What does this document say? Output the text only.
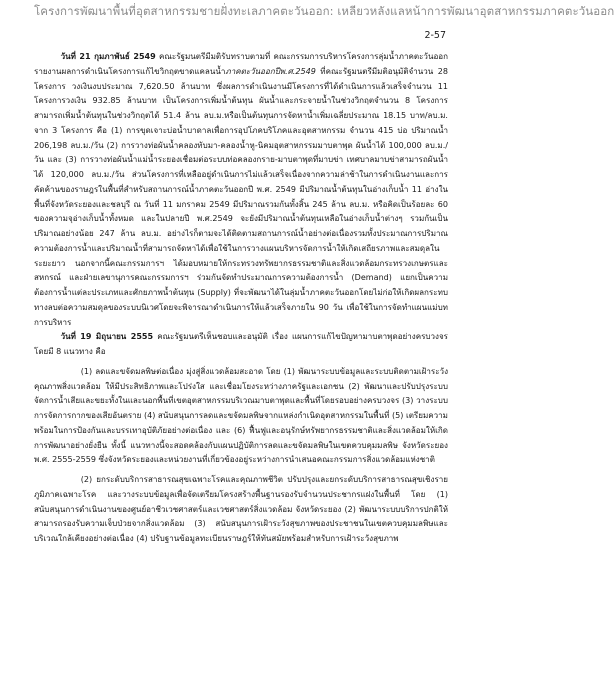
โครงการพัฒนาพื้นที่อุตสาหกรรมชายฝั่งทะเลภาคตะวันออก: เหลียวหลังแลหน้าการพัฒนาอุตสาหกรรมภาคตะวันออก
2-57

วันที่ 21 กุมภาพันธ์ 2549 คณะรัฐมนตรีมีมติรับทราบตามที่ คณะกรรมการบริหารโครงการลุ่มน้ำภาคตะวันออกรายงานผลการดำเนินโครงการแก้ไขวิกฤตขาดแคลนน้ำภาคตะวันออกปีพ.ศ.2549 ที่คณะรัฐมนตรีมีมติอนุมัติจำนวน 28 โครงการ วงเงินงบประมาณ 7,620.50 ล้านบาท ซึ่งผลการดำเนินงานมีโครงการที่ได้ดำเนินการแล้วเสร็จจำนวน 11 โครงการวงเงิน 932.85 ล้านบาท เป็นโครงการเพิ่มน้ำต้นทุน ผันน้ำและกระจายน้ำในช่วงวิกฤตจำนวน 8 โครงการ สามารถเพิ่มน้ำต้นทุนในช่วงวิกฤตได้ 51.4 ล้าน ลบ.ม.หรือเป็นต้นทุนการจัดหาน้ำเพิ่มเฉลี่ยประมาณ 18.15 บาท/ลบ.ม. จาก 3 โครงการ คือ (1) การขุดเจาะบ่อน้ำบาดาลเพื่อการอุปโภคบริโภคและอุตสาหกรรม จำนวน 415 บ่อ ปริมาณน้ำ 206,198 ลบ.ม./วัน (2) การวางท่อผันน้ำคลองทับมา-คลองน้ำหู-นิคมอุตสาหกรรมมาบตาพุด ผันน้ำได้ 100,000 ลบ.ม./วัน และ (3) การวางท่อผันน้ำแม่น้ำระยองเชื่อมต่อระบบท่อคลองกราย-มาบตาพุดที่มาบข่า เทศบาลมาบข่าสามารถผันน้ำได้ 120,000 ลบ.ม./วัน ส่วนโครงการที่เหลืออยู่ดำเนินการไม่แล้วเสร็จเนื่องจากความล่าช้าในการดำเนินงานและการคัดค้านของราษฎรในพื้นที่สำหรับสถานการณ์น้ำภาคตะวันออกปี พ.ศ. 2549 มีปริมาณน้ำต้นทุนในอ่างเก็บน้ำ 11 อ่างในพื้นที่จังหวัดระยองและชลบุรี ณ วันที่ 11 มกราคม 2549 มีปริมาณรวมกันทั้งสิ้น 245 ล้าน ลบ.ม. หรือคิดเป็นร้อยละ 60 ของความจุอ่างเก็บน้ำทั้งหมด และในปลายปี พ.ศ.2549 จะยังมีปริมาณน้ำต้นทุนเหลือในอ่างเก็บน้ำต่างๆ รวมกันเป็นปริมาณอย่างน้อย 247 ล้าน ลบ.ม. อย่างไรก็ตามจะได้ติดตามสถานการณ์น้ำอย่างต่อเนื่องรวมทั้งประมาณการปริมาณความต้องการน้ำและปริมาณน้ำที่สามารถจัดหาได้เพื่อใช้ในการวางแผนบริหารจัดการน้ำให้เกิดเสถียรภาพและสมดุลในระยะยาว นอกจากนี้คณะกรรมการฯ ได้มอบหมายให้กระทรวงทรัพยากรธรรมชาติและสิ่งแวดล้อมกระทรวงเกษตรและสหกรณ์ และฝ่ายเลขานุการคณะกรรมการฯ ร่วมกันจัดทำประมาณการความต้องการน้ำ (Demand) แยกเป็นความต้องการน้ำแต่ละประเภทและศักยภาพน้ำต้นทุน (Supply) ที่จะพัฒนาได้ในลุ่มน้ำภาคตะวันออกโดยไม่ก่อให้เกิดผลกระทบทางลบต่อความสมดุลของระบบนิเวศโดยจะพิจารณาดำเนินการให้แล้วเสร็จภายใน 90 วัน เพื่อใช้ในการจัดทำแผนแม่บทการบริหาร

วันที่ 19 มิถุนายน 2555 คณะรัฐมนตรีเห็นชอบและอนุมัติ เรื่อง แผนการแก้ไขปัญหามาบตาพุดอย่างครบวงจร โดยมี 8 แนวทาง คือ

(1) ลดและขจัดมลพิษต่อเนื่อง มุ่งสู่สิ่งแวดล้อมสะอาด โดย (1) พัฒนาระบบข้อมูลและระบบติดตามเฝ้าระวังคุณภาพสิ่งแวดล้อม ให้มีประสิทธิภาพและโปร่งใส และเชื่อมโยงระหว่างภาครัฐและเอกชน (2) พัฒนาและปรับปรุงระบบจัดการน้ำเสียและขยะทั้งในและนอกพื้นที่เขตอุตสาหกรรมบริเวณมาบตาพุดและพื้นที่โดยรอบอย่างครบวงจร (3) วางระบบการจัดการกากของเสียอันตราย (4) สนับสนุนการลดและขจัดมลพิษจากแหล่งกำเนิดอุตสาหกรรมในพื้นที่ (5) เตรียมความพร้อมในการป้องกันและบรรเทาอุบัติภัยอย่างต่อเนื่อง และ (6) ฟื้นฟูและอนุรักษ์ทรัพยากรธรรมชาติและสิ่งแวดล้อมให้เกิดการพัฒนาอย่างยั่งยืน ทั้งนี้ แนวทางนี้จะสอดคล้องกับแผนปฏิบัติการลดและขจัดมลพิษในเขตควบคุมมลพิษ จังหวัดระยอง พ.ศ. 2555-2559 ซึ่งจังหวัดระยองและหน่วยงานที่เกี่ยวข้องอยู่ระหว่างการนำเสนอคณะกรรมการสิ่งแวดล้อมแห่งชาติ

(2) ยกระดับบริการสาธารณสุขเฉพาะโรคและคุณภาพชีวิต ปรับปรุงและยกระดับบริการสาธารณสุขเชิงรายภูมิภาคเฉพาะโรค และวางระบบข้อมูลเพื่อจัดเตรียมโครงสร้างพื้นฐานรองรับจำนวนประชากรแฝงในพื้นที่ โดย (1) สนับสนุนการดำเนินงานของศูนย์อาชีวเวชศาสตร์และเวชศาสตร์สิ่งแวดล้อม จังหวัดระยอง (2) พัฒนาระบบบริการปกติให้สามารถรองรับความเจ็บป่วยจากสิ่งแวดล้อม (3) สนับสนุนการเฝ้าระวังสุขภาพของประชาชนในเขตควบคุมมลพิษและบริเวณใกล้เคียงอย่างต่อเนื่อง (4) ปรับฐานข้อมูลทะเบียนราษฎร์ให้ทันสมัยพร้อมสำหรับการเฝ้าระวังสุขภาพ
